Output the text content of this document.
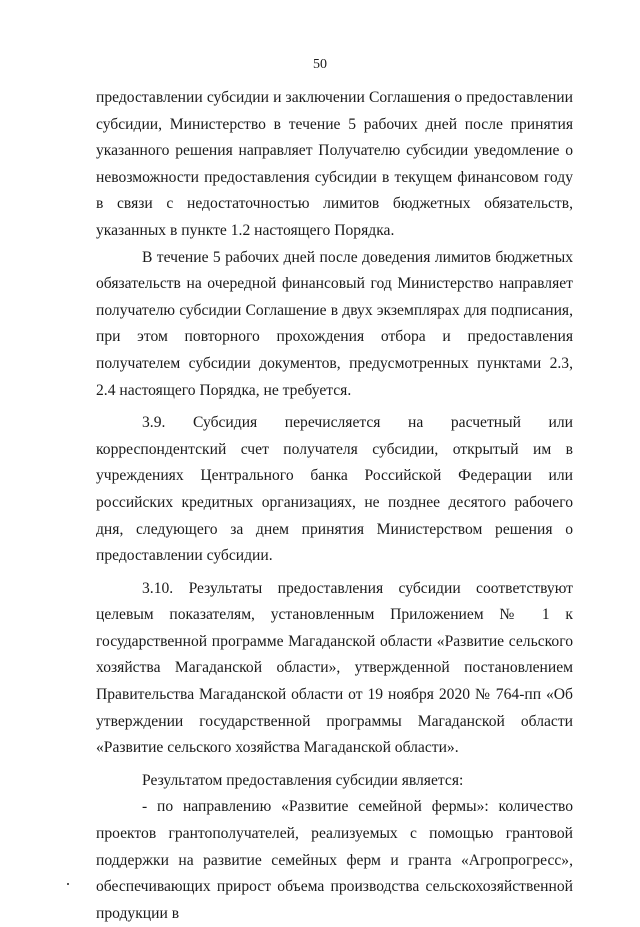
50

предоставлении субсидии и заключении Соглашения о предоставлении субсидии, Министерство в течение 5 рабочих дней после принятия указанного решения направляет Получателю субсидии уведомление о невозможности предоставления субсидии в текущем финансовом году в связи с недостаточностью лимитов бюджетных обязательств, указанных в пункте 1.2 настоящего Порядка.

В течение 5 рабочих дней после доведения лимитов бюджетных обязательств на очередной финансовый год Министерство направляет получателю субсидии Соглашение в двух экземплярах для подписания, при этом повторного прохождения отбора и предоставления получателем субсидии документов, предусмотренных пунктами 2.3, 2.4 настоящего Порядка, не требуется.

3.9. Субсидия перечисляется на расчетный или корреспондентский счет получателя субсидии, открытый им в учреждениях Центрального банка Российской Федерации или российских кредитных организациях, не позднее десятого рабочего дня, следующего за днем принятия Министерством решения о предоставлении субсидии.

3.10. Результаты предоставления субсидии соответствуют целевым показателям, установленным Приложением № 1 к государственной программе Магаданской области «Развитие сельского хозяйства Магаданской области», утвержденной постановлением Правительства Магаданской области от 19 ноября 2020 № 764-пп «Об утверждении государственной программы Магаданской области «Развитие сельского хозяйства Магаданской области».

Результатом предоставления субсидии является:

- по направлению «Развитие семейной фермы»: количество проектов грантополучателей, реализуемых с помощью грантовой поддержки на развитие семейных ферм и гранта «Агропрогресс», обеспечивающих прирост объема производства сельскохозяйственной продукции в
